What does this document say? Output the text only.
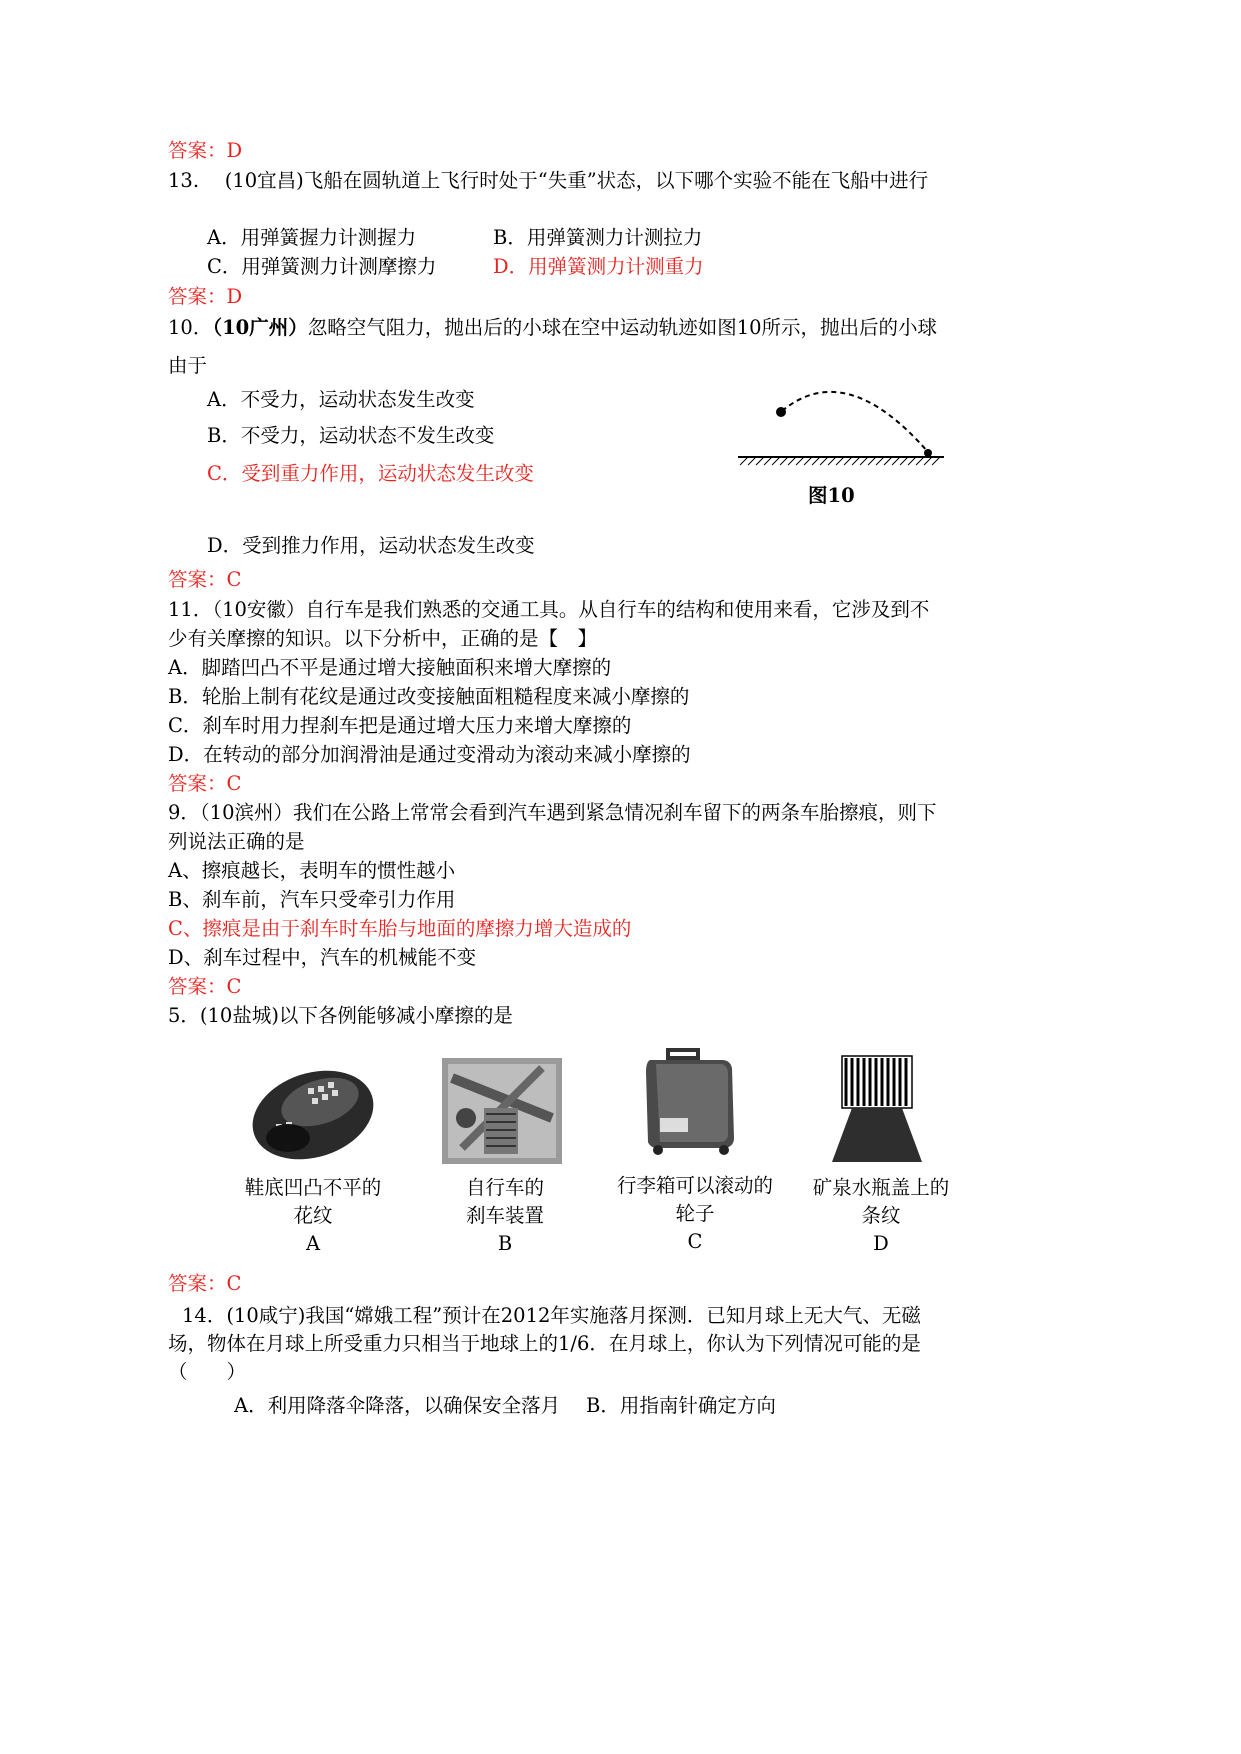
答案：D
13.　 (10宜昌)飞船在圆轨道上飞行时处于“失重”状态，以下哪个实验不能在飞船中进行
A．用弹簧握力计测握力	B．用弹簧测力计测拉力
C．用弹簧测力计测摩擦力	D．用弹簧测力计测重力
答案：D
10．（10广州）忽略空气阻力，抛出后的小球在空中运动轨迹如图10所示，抛出后的小球
由于
A．不受力，运动状态发生改变
B．不受力，运动状态不发生改变
C．受到重力作用，运动状态发生改变
D．受到推力作用，运动状态发生改变
图10
答案：C
11．（10安徽）自行车是我们熟悉的交通工具。从自行车的结构和使用来看，它涉及到不
少有关摩擦的知识。以下分析中，正确的是【　】
A．脚踏凹凸不平是通过增大接触面积来增大摩擦的
B．轮胎上制有花纹是通过改变接触面粗糙程度来减小摩擦的
C．刹车时用力捏刹车把是通过增大压力来增大摩擦的
D．在转动的部分加润滑油是通过变滑动为滚动来减小摩擦的
答案：C
9．（10滨州）我们在公路上常常会看到汽车遇到紧急情况刹车留下的两条车胎擦痕，则下
列说法正确的是
A、擦痕越长，表明车的惯性越小
B、刹车前，汽车只受牵引力作用
C、擦痕是由于刹车时车胎与地面的摩擦力增大造成的
D、刹车过程中，汽车的机械能不变
答案：C
5．(10盐城)以下各例能够减小摩擦的是
鞋底凹凸不平的
花纹
A
自行车的
刹车装置
B
行李箱可以滚动的
轮子
C
矿泉水瓶盖上的
条纹
D
答案：C
14．(10咸宁)我国“嫦娥工程”预计在2012年实施落月探测．已知月球上无大气、无磁
场，物体在月球上所受重力只相当于地球上的1/6．在月球上，你认为下列情况可能的是
（　　）
A．利用降落伞降落，以确保安全落月 B．用指南针确定方向
